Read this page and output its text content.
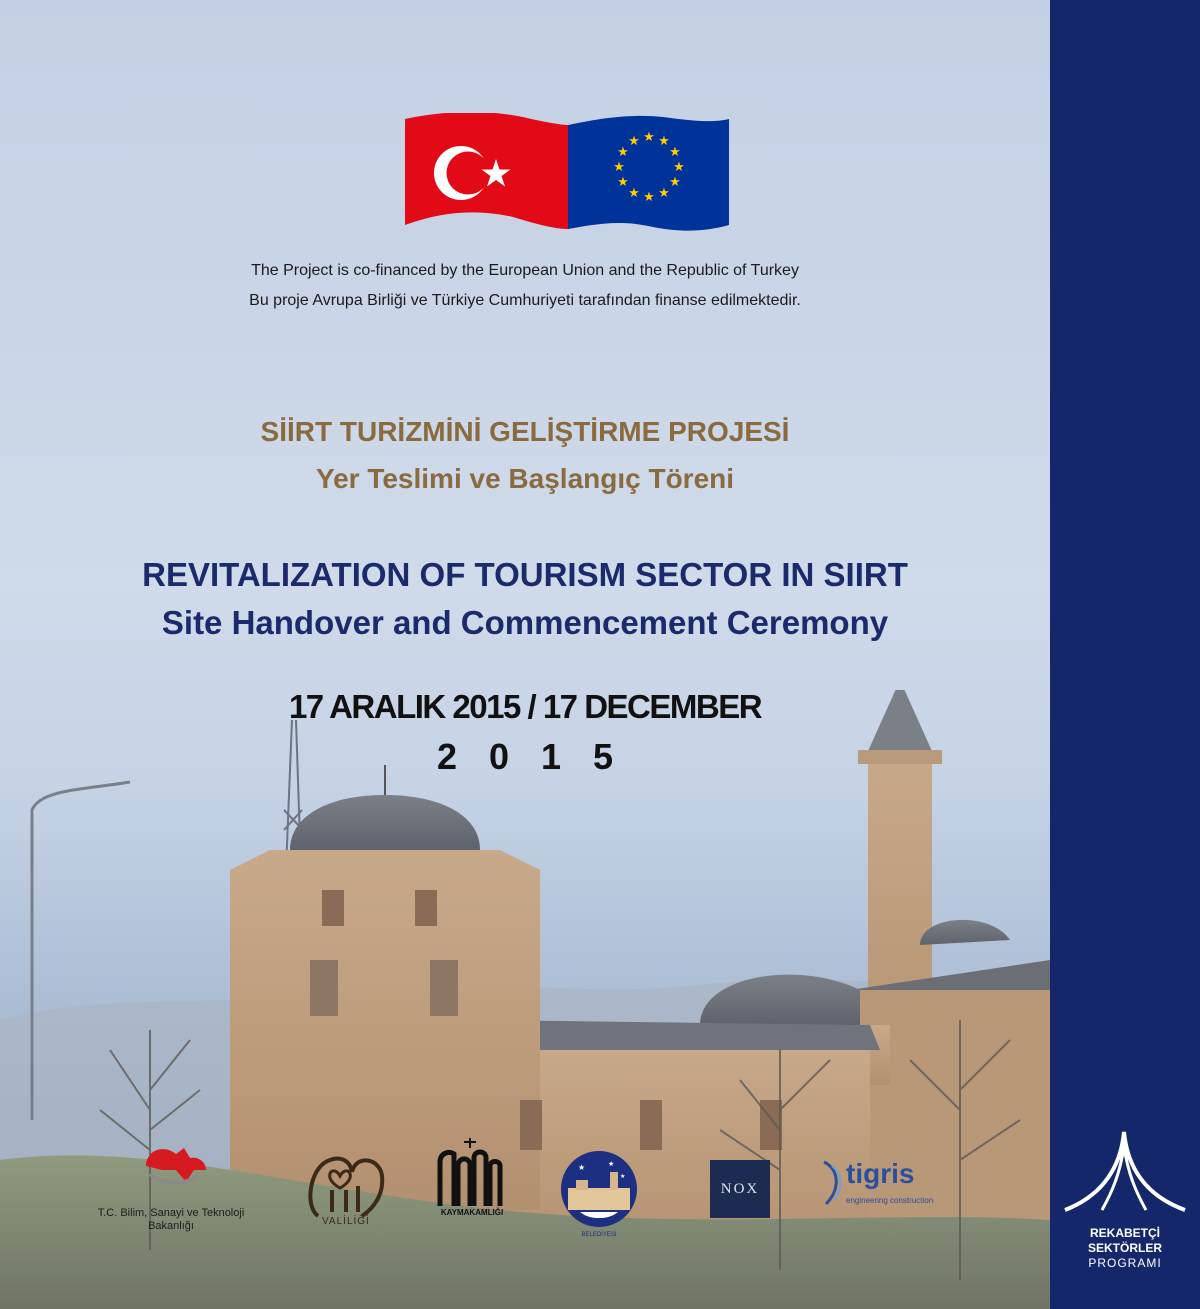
★ ★
★
★
★
★
★
★
★
★
★
★
The Project is co-financed by the European Union and the Republic of Turkey
Bu proje Avrupa Birliği ve Türkiye Cumhuriyeti tarafından finanse edilmektedir.
SİİRT TURİZMİNİ GELİŞTİRME PROJESİ
Yer Teslimi ve Başlangıç Töreni
REVITALIZATION OF TOURISM SECTOR IN SIIRT
Site Handover and Commencement Ceremony
17 ARALIK 2015 / 17 DECEMBER
2015
T.C. Bilim, Sanayi ve Teknoloji
Bakanlığı	VALİLİĞİ
KAYMAKAMLIĞI
★	★
★
BELEDİYESİ
NOX	tigris
engineering construction
REKABETÇİ
SEKTÖRLER
PROGRAMI
